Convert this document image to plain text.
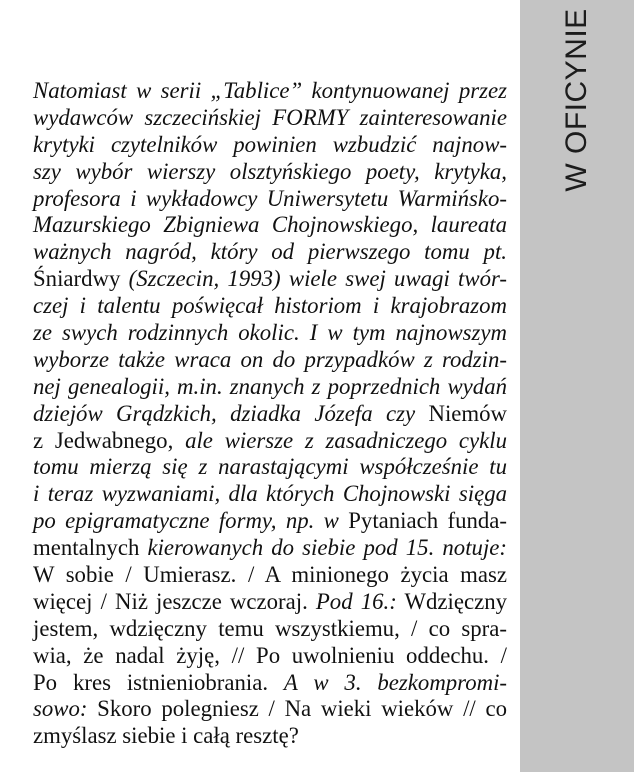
W OFICYNIE
Natomiast w serii „Tablice” kontynuowanej przez
wydawców szczecińskiej FORMY zainteresowanie
krytyki czytelników powinien wzbudzić najnow-
szy wybór wierszy olsztyńskiego poety, krytyka,
profesora i wykładowcy Uniwersytetu Warmińsko-
Mazurskiego Zbigniewa Chojnowskiego, laureata
ważnych nagród, który od pierwszego tomu pt.
Śniardwy (Szczecin, 1993) wiele swej uwagi twór-
czej i talentu poświęcał historiom i krajobrazom
ze swych rodzinnych okolic. I w tym najnowszym
wyborze także wraca on do przypadków z rodzin-
nej genealogii, m.in. znanych z poprzednich wydań
dziejów Grądzkich, dziadka Józefa czy Niemów
z Jedwabnego, ale wiersze z zasadniczego cyklu
tomu mierzą się z narastającymi współcześnie tu
i teraz wyzwaniami, dla których Chojnowski sięga
po epigramatyczne formy, np. w Pytaniach funda-
mentalnych kierowanych do siebie pod 15. notuje:
W sobie / Umierasz. / A minionego życia masz
więcej / Niż jeszcze wczoraj. Pod 16.: Wdzięczny
jestem, wdzięczny temu wszystkiemu, / co spra-
wia, że nadal żyję, // Po uwolnieniu oddechu. /
Po kres istnieniobrania. A w 3. bezkompromi-
sowo: Skoro polegniesz / Na wieki wieków // co
zmyślasz siebie i całą resztę?
